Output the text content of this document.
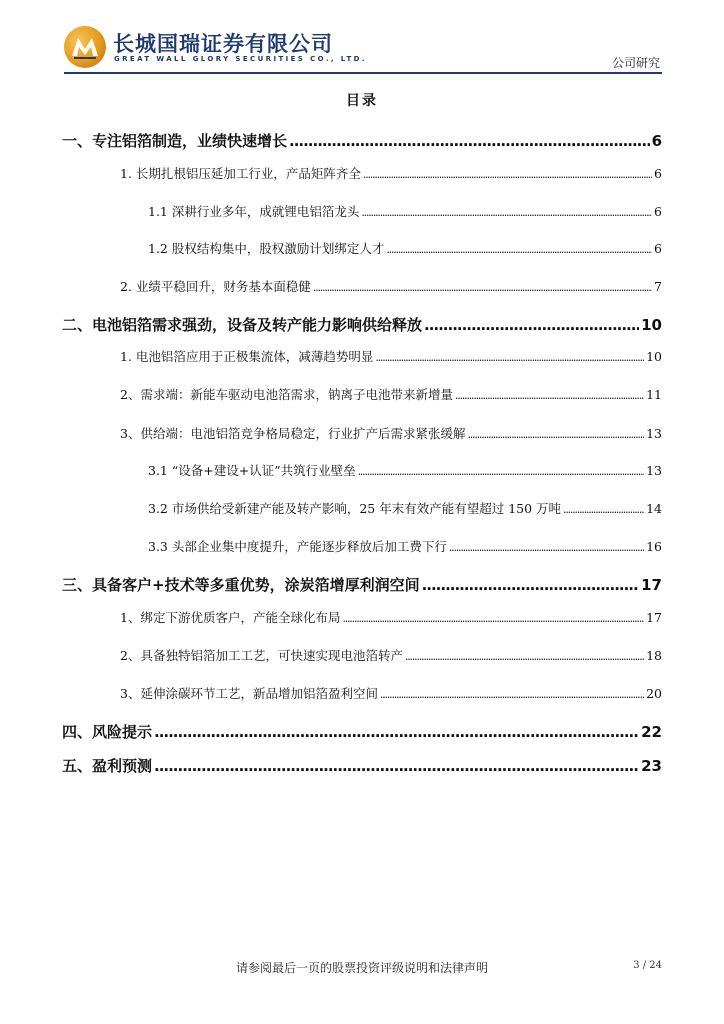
长城国瑞证券有限公司
GREAT WALL GLORY SECURITIES CO., LTD.	公司研究
目录
一、专注铝箔制造，业绩快速增长 .....	6
1. 长期扎根铝压延加工行业，产品矩阵齐全 .....	6
1.1 深耕行业多年，成就锂电铝箔龙头 .....	6
1.2 股权结构集中，股权激励计划绑定人才 .....	6
2. 业绩平稳回升，财务基本面稳健 .....	7
二、电池铝箔需求强劲，设备及转产能力影响供给释放 .....	10
1. 电池铝箔应用于正极集流体，减薄趋势明显 .....	10
2、需求端：新能车驱动电池箔需求，钠离子电池带来新增量 .....	11
3、供给端：电池铝箔竞争格局稳定，行业扩产后需求紧张缓解 .....	13
3.1 “设备+建设+认证”共筑行业壁垒 .....	13
3.2 市场供给受新建产能及转产影响，25 年末有效产能有望超过 150 万吨 .....	14
3.3 头部企业集中度提升，产能逐步释放后加工费下行 .....	16
三、具备客户+技术等多重优势，涂炭箔增厚利润空间 .....	17
1、绑定下游优质客户，产能全球化布局 .....	17
2、具备独特铝箔加工工艺，可快速实现电池箔转产 .....	18
3、延伸涂碳环节工艺，新品增加铝箔盈利空间 .....	20
四、风险提示 .....	22
五、盈利预测 .....	23
请参阅最后一页的股票投资评级说明和法律声明	3 / 24
